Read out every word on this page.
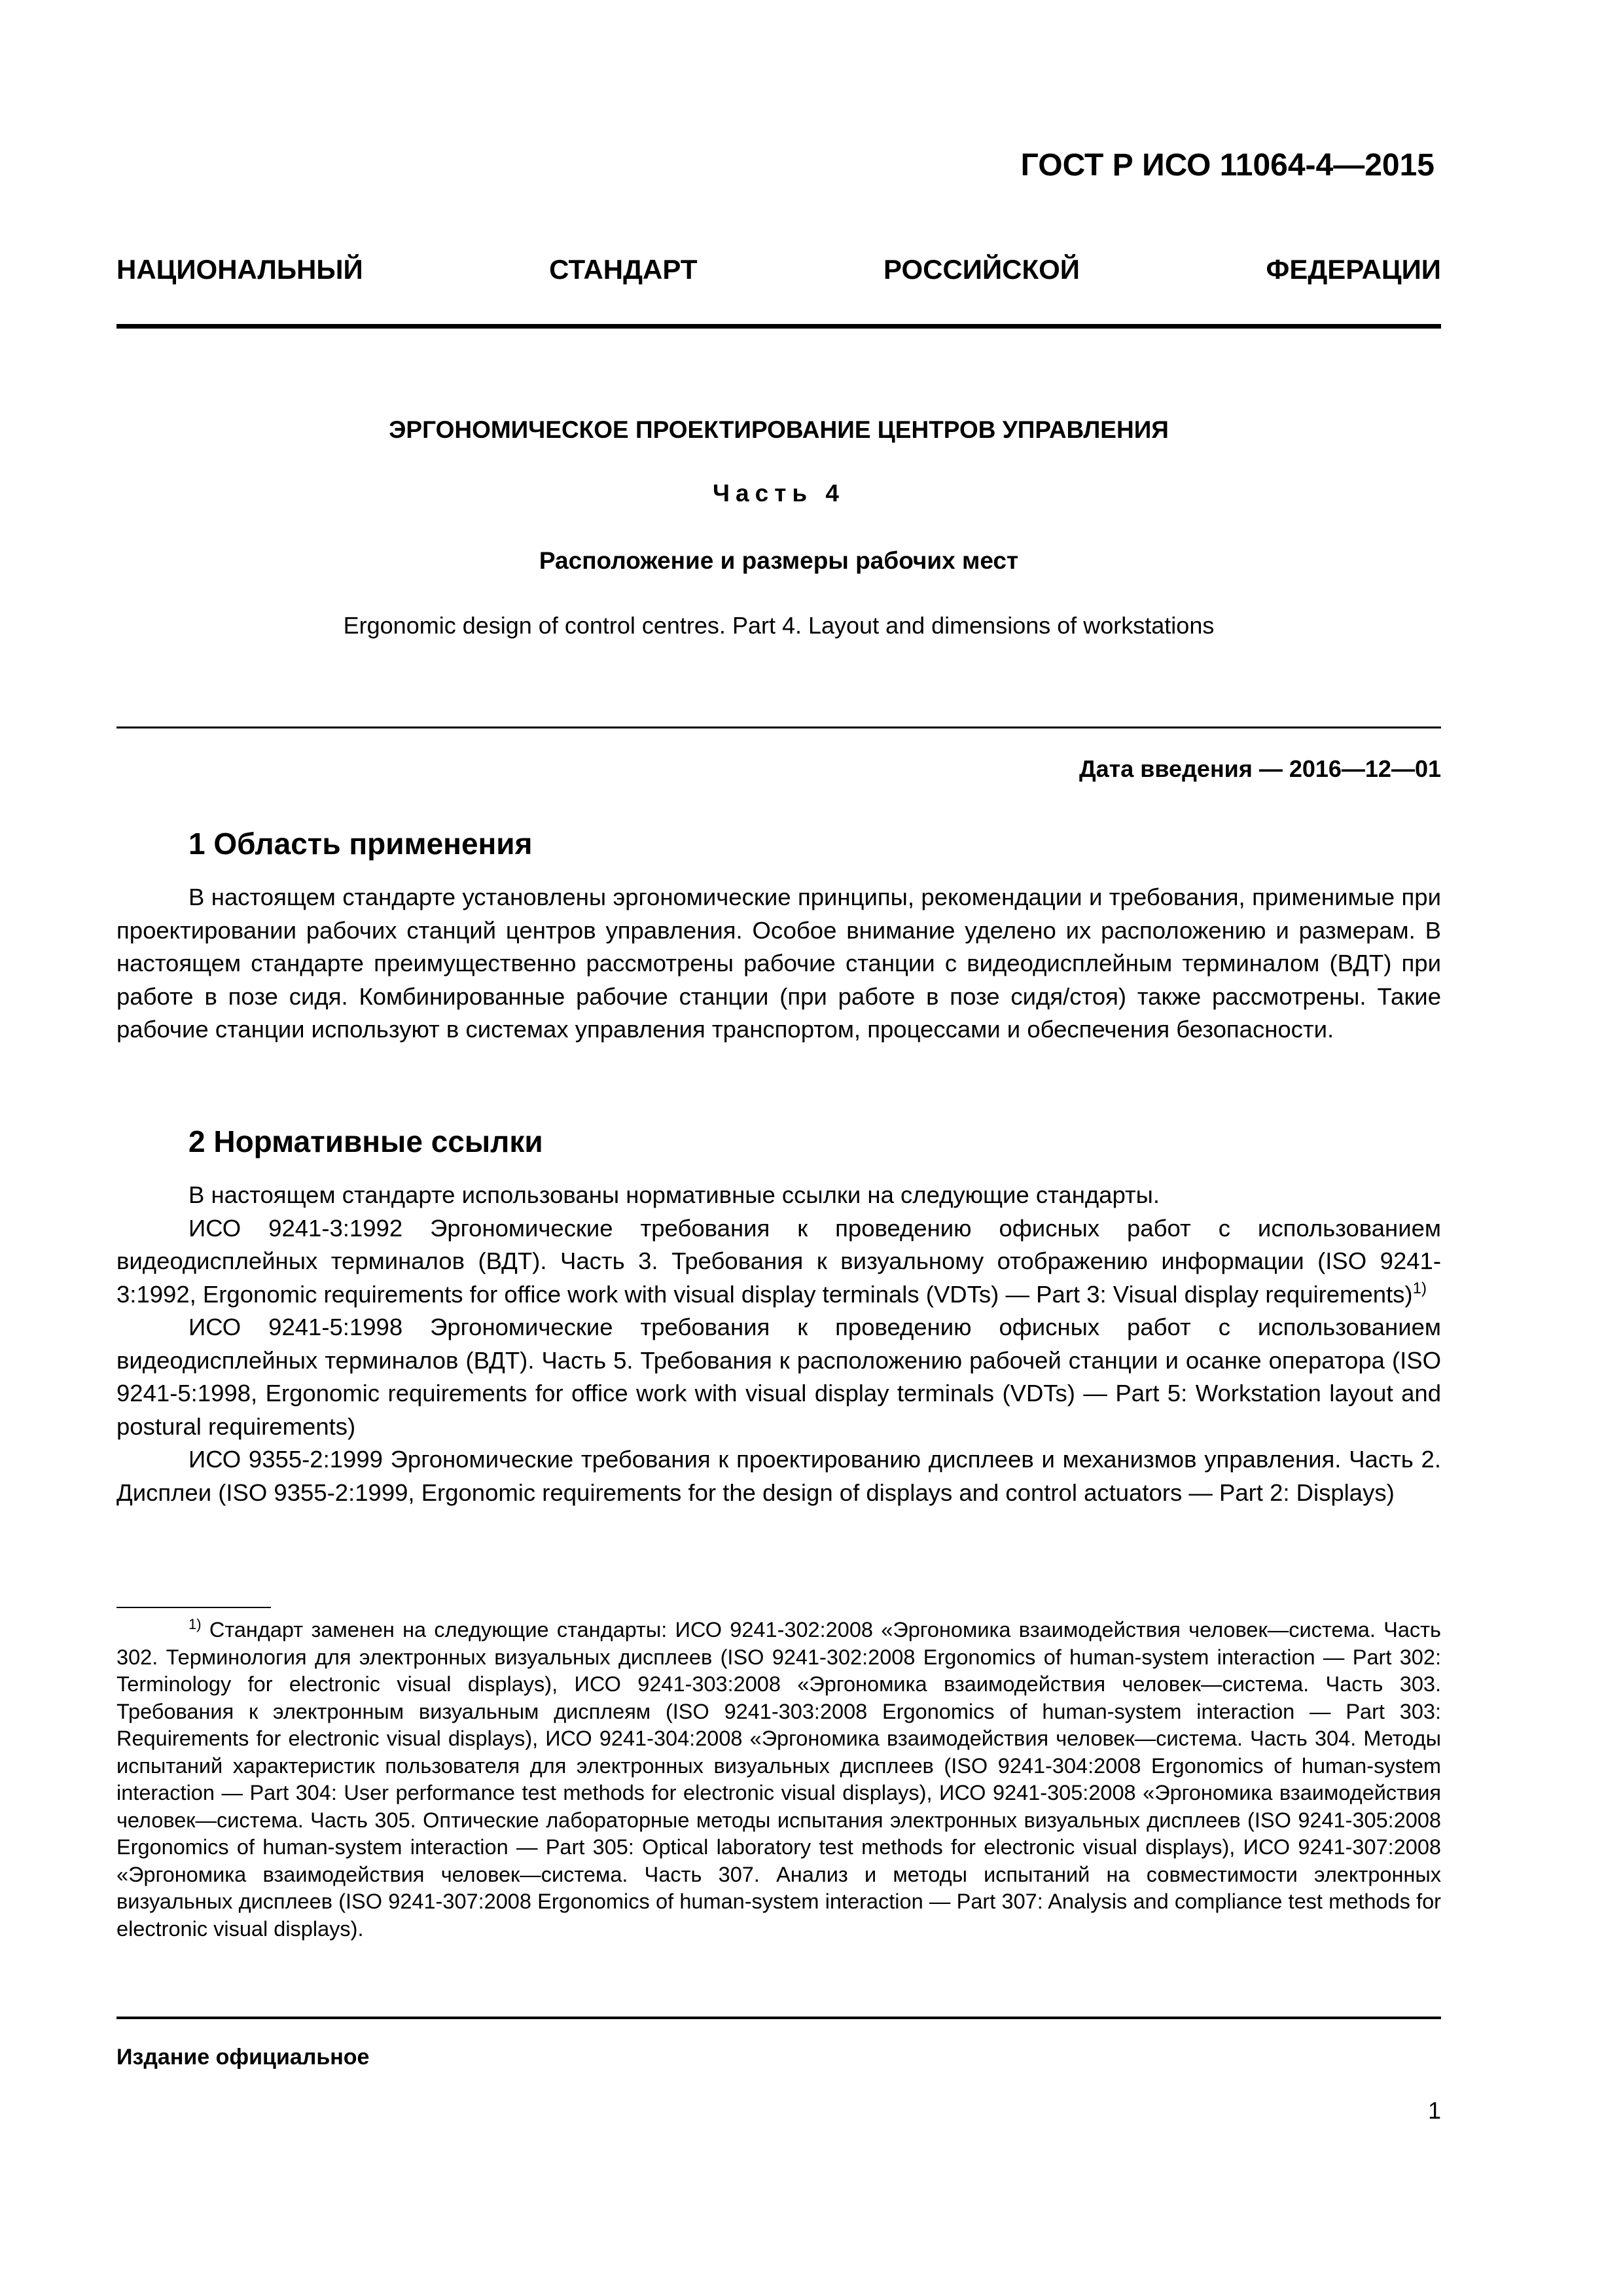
ГОСТ Р ИСО 11064-4—2015
НАЦИОНАЛЬНЫЙ СТАНДАРТ РОССИЙСКОЙ ФЕДЕРАЦИИ
ЭРГОНОМИЧЕСКОЕ ПРОЕКТИРОВАНИЕ ЦЕНТРОВ УПРАВЛЕНИЯ
Часть 4
Расположение и размеры рабочих мест
Ergonomic design of control centres. Part 4. Layout and dimensions of workstations
Дата введения — 2016—12—01
1 Область применения

В настоящем стандарте установлены эргономические принципы, рекомендации и требования, применимые при проектировании рабочих станций центров управления. Особое внимание уделено их расположению и размерам. В настоящем стандарте преимущественно рассмотрены рабочие станции с видеодисплейным терминалом (ВДТ) при работе в позе сидя. Комбинированные рабочие станции (при работе в позе сидя/стоя) также рассмотрены. Такие рабочие станции используют в системах управления транспортом, процессами и обеспечения безопасности.

2 Нормативные ссылки

В настоящем стандарте использованы нормативные ссылки на следующие стандарты.

ИСО 9241-3:1992 Эргономические требования к проведению офисных работ с использованием видеодисплейных терминалов (ВДТ). Часть 3. Требования к визуальному отображению информации (ISO 9241-3:1992, Ergonomic requirements for office work with visual display terminals (VDTs) — Part 3: Visual display requirements)$^{1)}$

ИСО 9241-5:1998 Эргономические требования к проведению офисных работ с использованием видеодисплейных терминалов (ВДТ). Часть 5. Требования к расположению рабочей станции и осанке оператора (ISO 9241-5:1998, Ergonomic requirements for office work with visual display terminals (VDTs) — Part 5: Workstation layout and postural requirements)

ИСО 9355-2:1999 Эргономические требования к проектированию дисплеев и механизмов управления. Часть 2. Дисплеи (ISO 9355-2:1999, Ergonomic requirements for the design of displays and control actuators — Part 2: Displays)

$^{1)}$ Стандарт заменен на следующие стандарты: ИСО 9241-302:2008 «Эргономика взаимодействия человек—система. Часть 302. Терминология для электронных визуальных дисплеев (ISO 9241-302:2008 Ergonomics of human-system interaction — Part 302: Terminology for electronic visual displays), ИСО 9241-303:2008 «Эргономика взаимодействия человек—система. Часть 303. Требования к электронным визуальным дисплеям (ISO 9241-303:2008 Ergonomics of human-system interaction — Part 303: Requirements for electronic visual displays), ИСО 9241-304:2008 «Эргономика взаимодействия человек—система. Часть 304. Методы испытаний характеристик пользователя для электронных визуальных дисплеев (ISO 9241-304:2008 Ergonomics of human-system interaction — Part 304: User performance test methods for electronic visual displays), ИСО 9241-305:2008 «Эргономика взаимодействия человек—система. Часть 305. Оптические лабораторные методы испытания электронных визуальных дисплеев (ISO 9241-305:2008 Ergonomics of human-system interaction — Part 305: Optical laboratory test methods for electronic visual displays), ИСО 9241-307:2008 «Эргономика взаимодействия человек—система. Часть 307. Анализ и методы испытаний на совместимости электронных визуальных дисплеев (ISO 9241-307:2008 Ergonomics of human-system interaction — Part 307: Analysis and compliance test methods for electronic visual displays).

Издание официальное
1
